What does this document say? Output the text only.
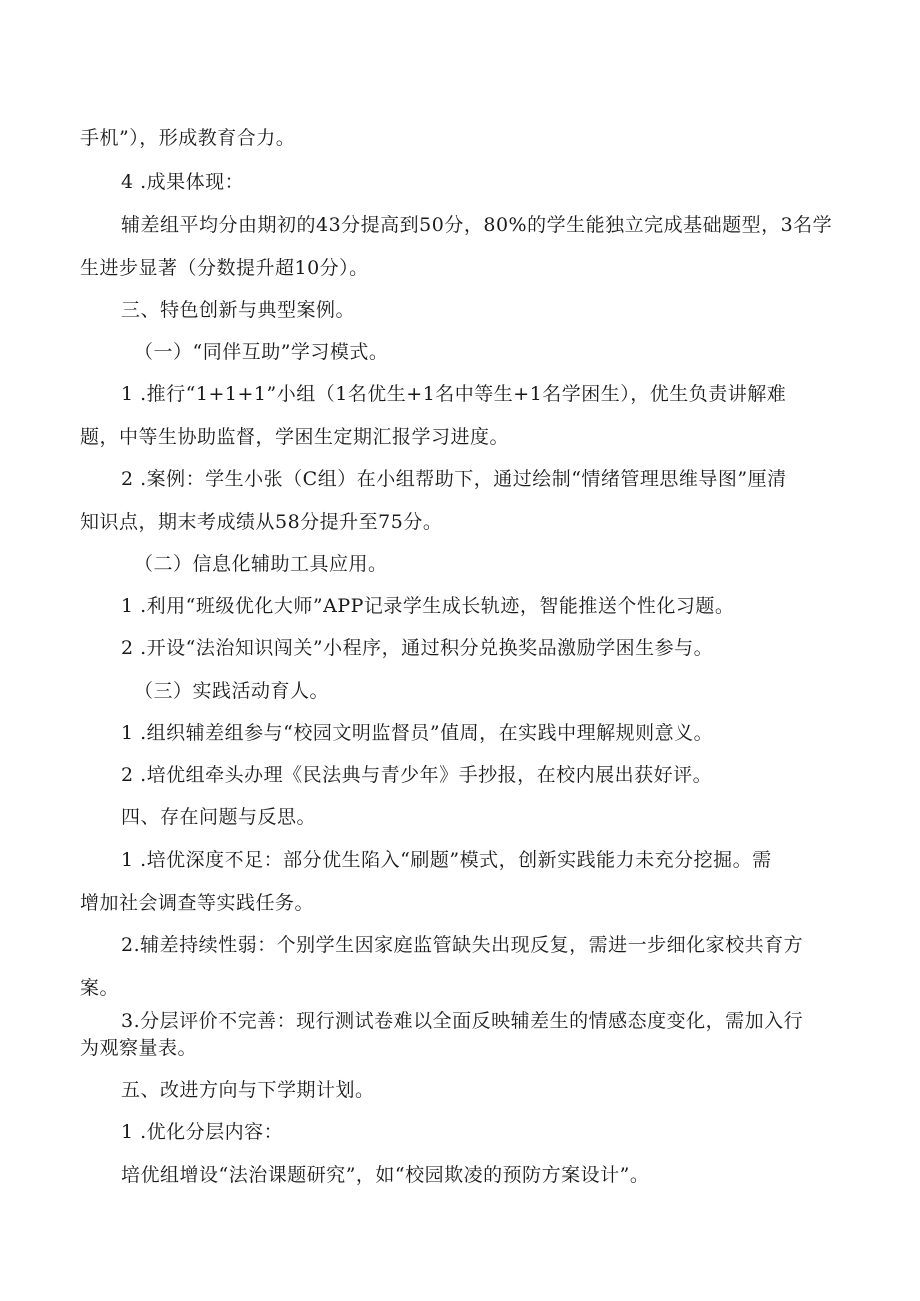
手机”），形成教育合力。
4 .成果体现：
辅差组平均分由期初的43分提高到50分，80%的学生能独立完成基础题型，3名学
生进步显著（分数提升超10分）。
三、特色创新与典型案例。
（一）“同伴互助”学习模式。
1 .推行“1+1+1”小组（1名优生+1名中等生+1名学困生），优生负责讲解难
题，中等生协助监督，学困生定期汇报学习进度。
2 .案例：学生小张（C组）在小组帮助下，通过绘制“情绪管理思维导图”厘清
知识点，期末考成绩从58分提升至75分。
（二）信息化辅助工具应用。
1 .利用“班级优化大师”APP记录学生成长轨迹，智能推送个性化习题。
2 .开设“法治知识闯关”小程序，通过积分兑换奖品激励学困生参与。
（三）实践活动育人。
1 .组织辅差组参与“校园文明监督员”值周，在实践中理解规则意义。
2 .培优组牵头办理《民法典与青少年》手抄报，在校内展出获好评。
四、存在问题与反思。
1 .培优深度不足：部分优生陷入“刷题”模式，创新实践能力未充分挖掘。需
增加社会调查等实践任务。
2.辅差持续性弱：个别学生因家庭监管缺失出现反复，需进一步细化家校共育方
案。
3.分层评价不完善：现行测试卷难以全面反映辅差生的情感态度变化，需加入行
为观察量表。
五、改进方向与下学期计划。
1 .优化分层内容：
培优组增设“法治课题研究”，如“校园欺凌的预防方案设计”。
